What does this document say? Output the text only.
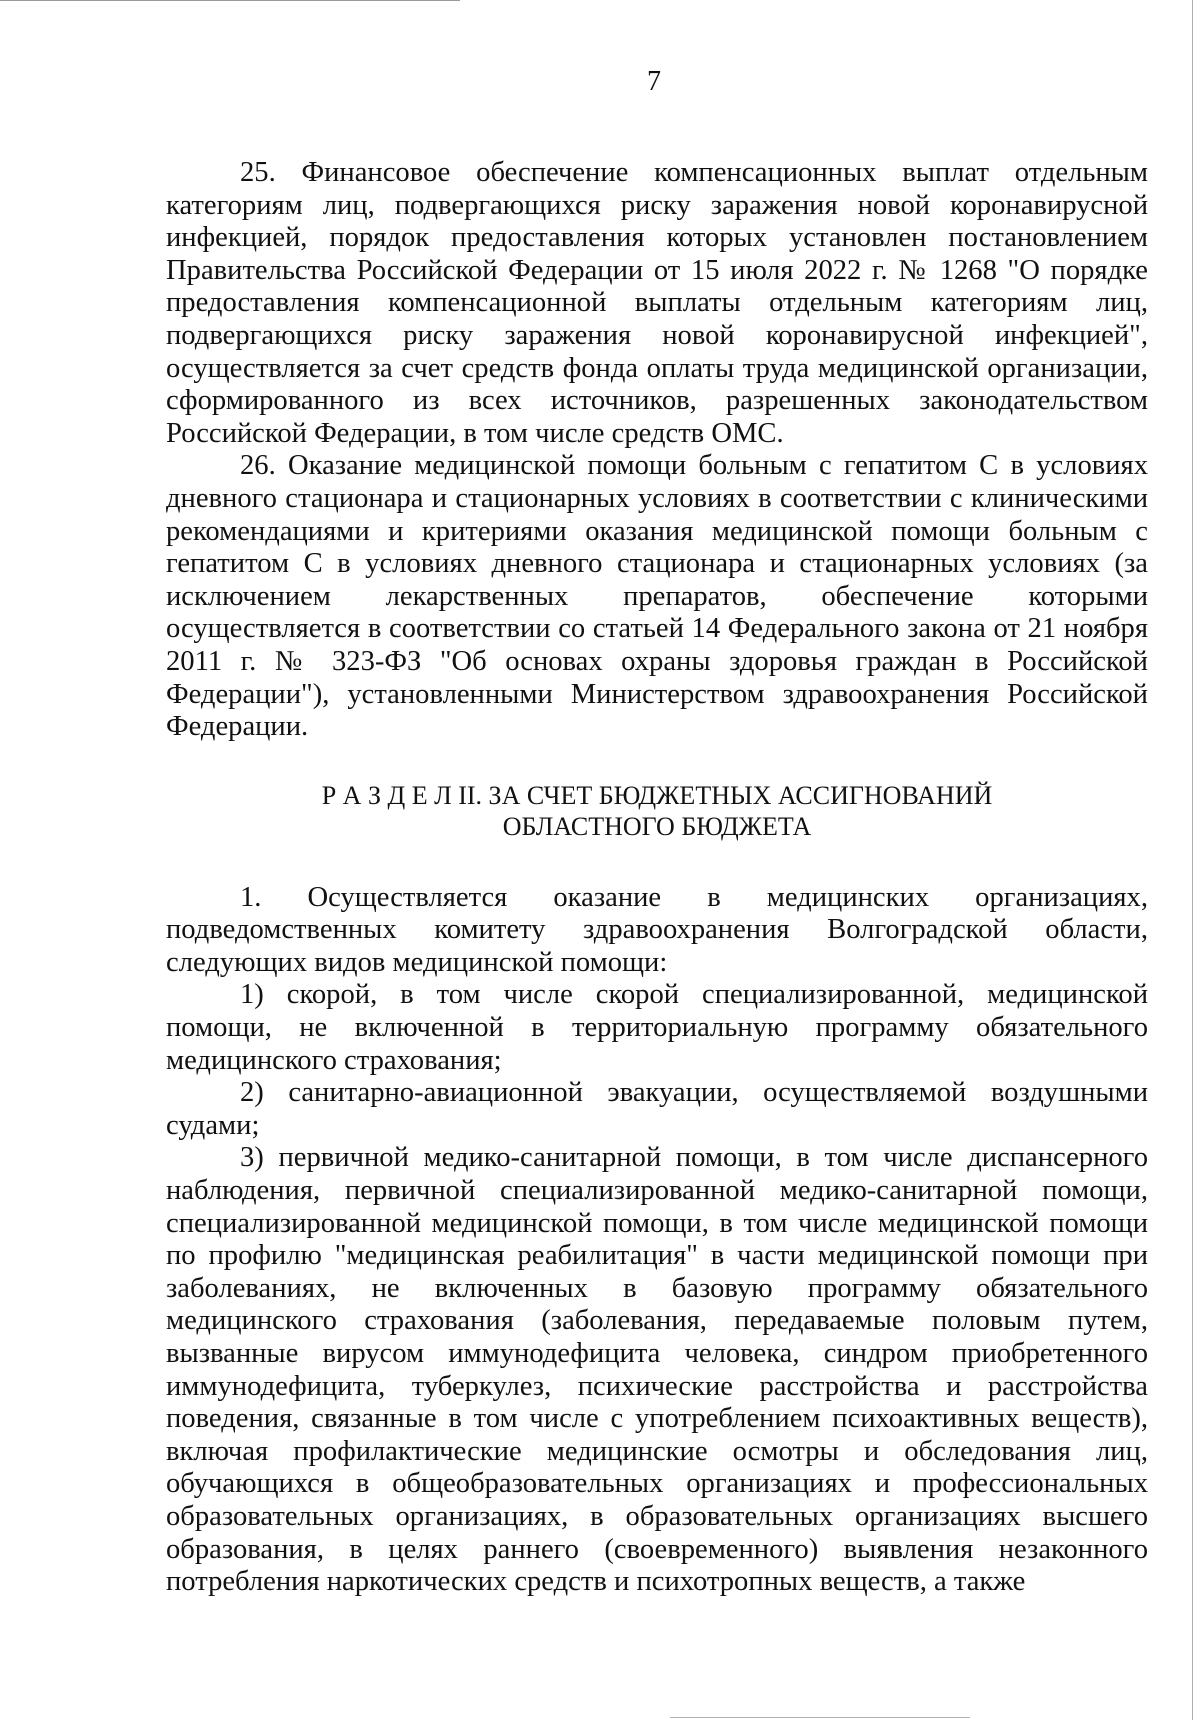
7

25. Финансовое обеспечение компенсационных выплат отдельным категориям лиц, подвергающихся риску заражения новой коронавирусной инфекцией, порядок предоставления которых установлен постановлением Правительства Российской Федерации от 15 июля 2022 г. № 1268 "О порядке предоставления компенсационной выплаты отдельным категориям лиц, подвергающихся риску заражения новой коронавирусной инфекцией", осуществляется за счет средств фонда оплаты труда медицинской организации, сформированного из всех источников, разрешенных законодательством Российской Федерации, в том числе средств ОМС.

26. Оказание медицинской помощи больным с гепатитом С в условиях дневного стационара и стационарных условиях в соответствии с клиническими рекомендациями и критериями оказания медицинской помощи больным с гепатитом С в условиях дневного стационара и стационарных условиях (за исключением лекарственных препаратов, обеспечение которыми осуществляется в соответствии со статьей 14 Федерального закона от 21 ноября 2011 г. № 323-ФЗ "Об основах охраны здоровья граждан в Российской Федерации"), установленными Министерством здравоохранения Российской Федерации.

Р А З Д Е Л II. ЗА СЧЕТ БЮДЖЕТНЫХ АССИГНОВАНИЙ
ОБЛАСТНОГО БЮДЖЕТА

1. Осуществляется оказание в медицинских организациях, подведомственных комитету здравоохранения Волгоградской области, следующих видов медицинской помощи:

1) скорой, в том числе скорой специализированной, медицинской помощи, не включенной в территориальную программу обязательного медицинского страхования;

2) санитарно-авиационной эвакуации, осуществляемой воздушными судами;

3) первичной медико-санитарной помощи, в том числе диспансерного наблюдения, первичной специализированной медико-санитарной помощи, специализированной медицинской помощи, в том числе медицинской помощи по профилю "медицинская реабилитация" в части медицинской помощи при заболеваниях, не включенных в базовую программу обязательного медицинского страхования (заболевания, передаваемые половым путем, вызванные вирусом иммунодефицита человека, синдром приобретенного иммунодефицита, туберкулез, психические расстройства и расстройства поведения, связанные в том числе с употреблением психоактивных веществ), включая профилактические медицинские осмотры и обследования лиц, обучающихся в общеобразовательных организациях и профессиональных образовательных организациях, в образовательных организациях высшего образования, в целях раннего (своевременного) выявления незаконного потребления наркотических средств и психотропных веществ, а также
